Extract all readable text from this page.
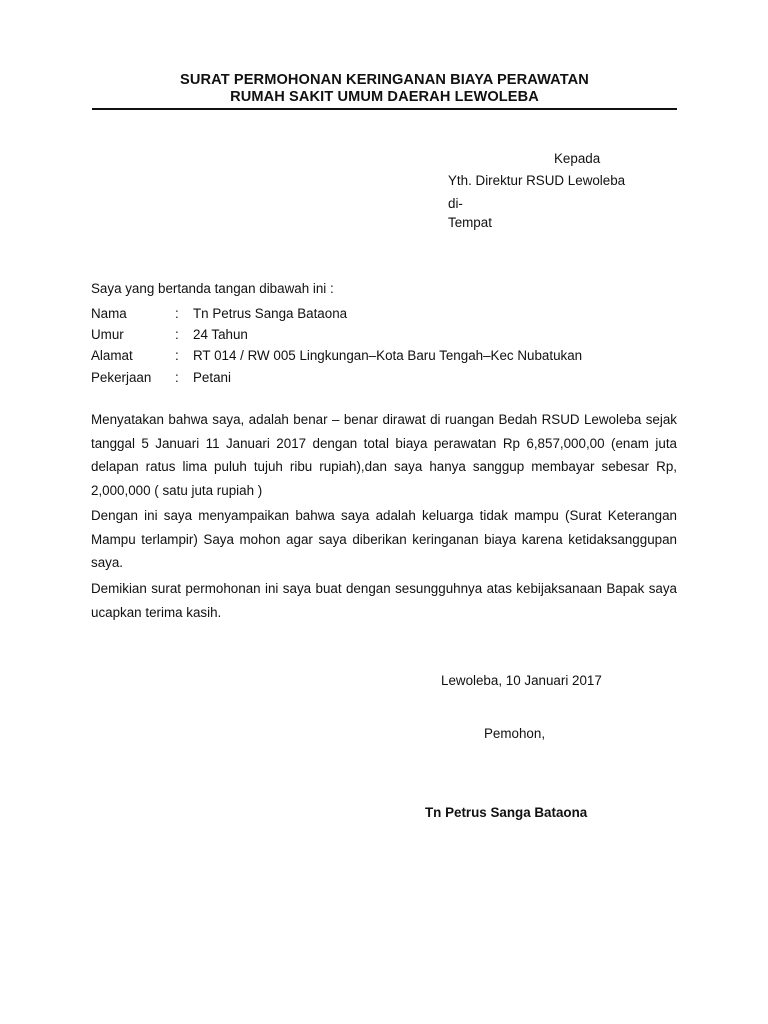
SURAT PERMOHONAN KERINGANAN BIAYA PERAWATAN
RUMAH SAKIT UMUM DAERAH LEWOLEBA
Kepada
Yth. Direktur RSUD Lewoleba
di-
Tempat
Saya yang bertanda tangan dibawah ini :
Nama	: Tn Petrus Sanga Bataona
Umur	: 24 Tahun
Alamat	: RT 014 / RW 005 Lingkungan–Kota Baru Tengah–Kec Nubatukan
Pekerjaan : Petani
Menyatakan bahwa saya, adalah benar – benar dirawat di ruangan Bedah RSUD Lewoleba sejak tanggal 5 Januari 11 Januari 2017 dengan total biaya perawatan Rp 6,857,000,00 (enam juta delapan ratus lima puluh tujuh ribu rupiah),dan saya hanya sanggup membayar sebesar Rp, 2,000,000 ( satu juta rupiah )
Dengan ini saya menyampaikan bahwa saya adalah keluarga tidak mampu (Surat Keterangan Mampu terlampir) Saya mohon agar saya diberikan keringanan biaya karena ketidaksanggupan saya.
Demikian surat permohonan ini saya buat dengan sesungguhnya atas kebijaksanaan Bapak saya ucapkan terima kasih.
Lewoleba, 10 Januari 2017
Pemohon,
Tn Petrus Sanga Bataona
